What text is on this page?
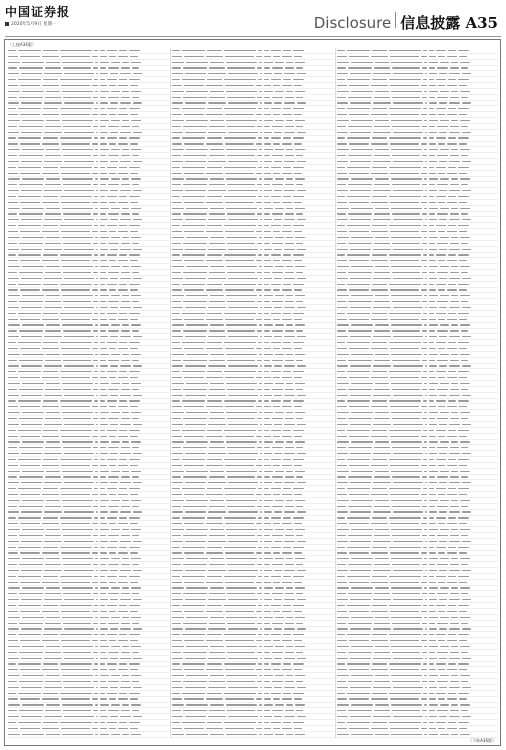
中国证券报
2020年5月9日 星期一	Disclosure 信息披露 A35
（上接A34版）
（下转A36版）
